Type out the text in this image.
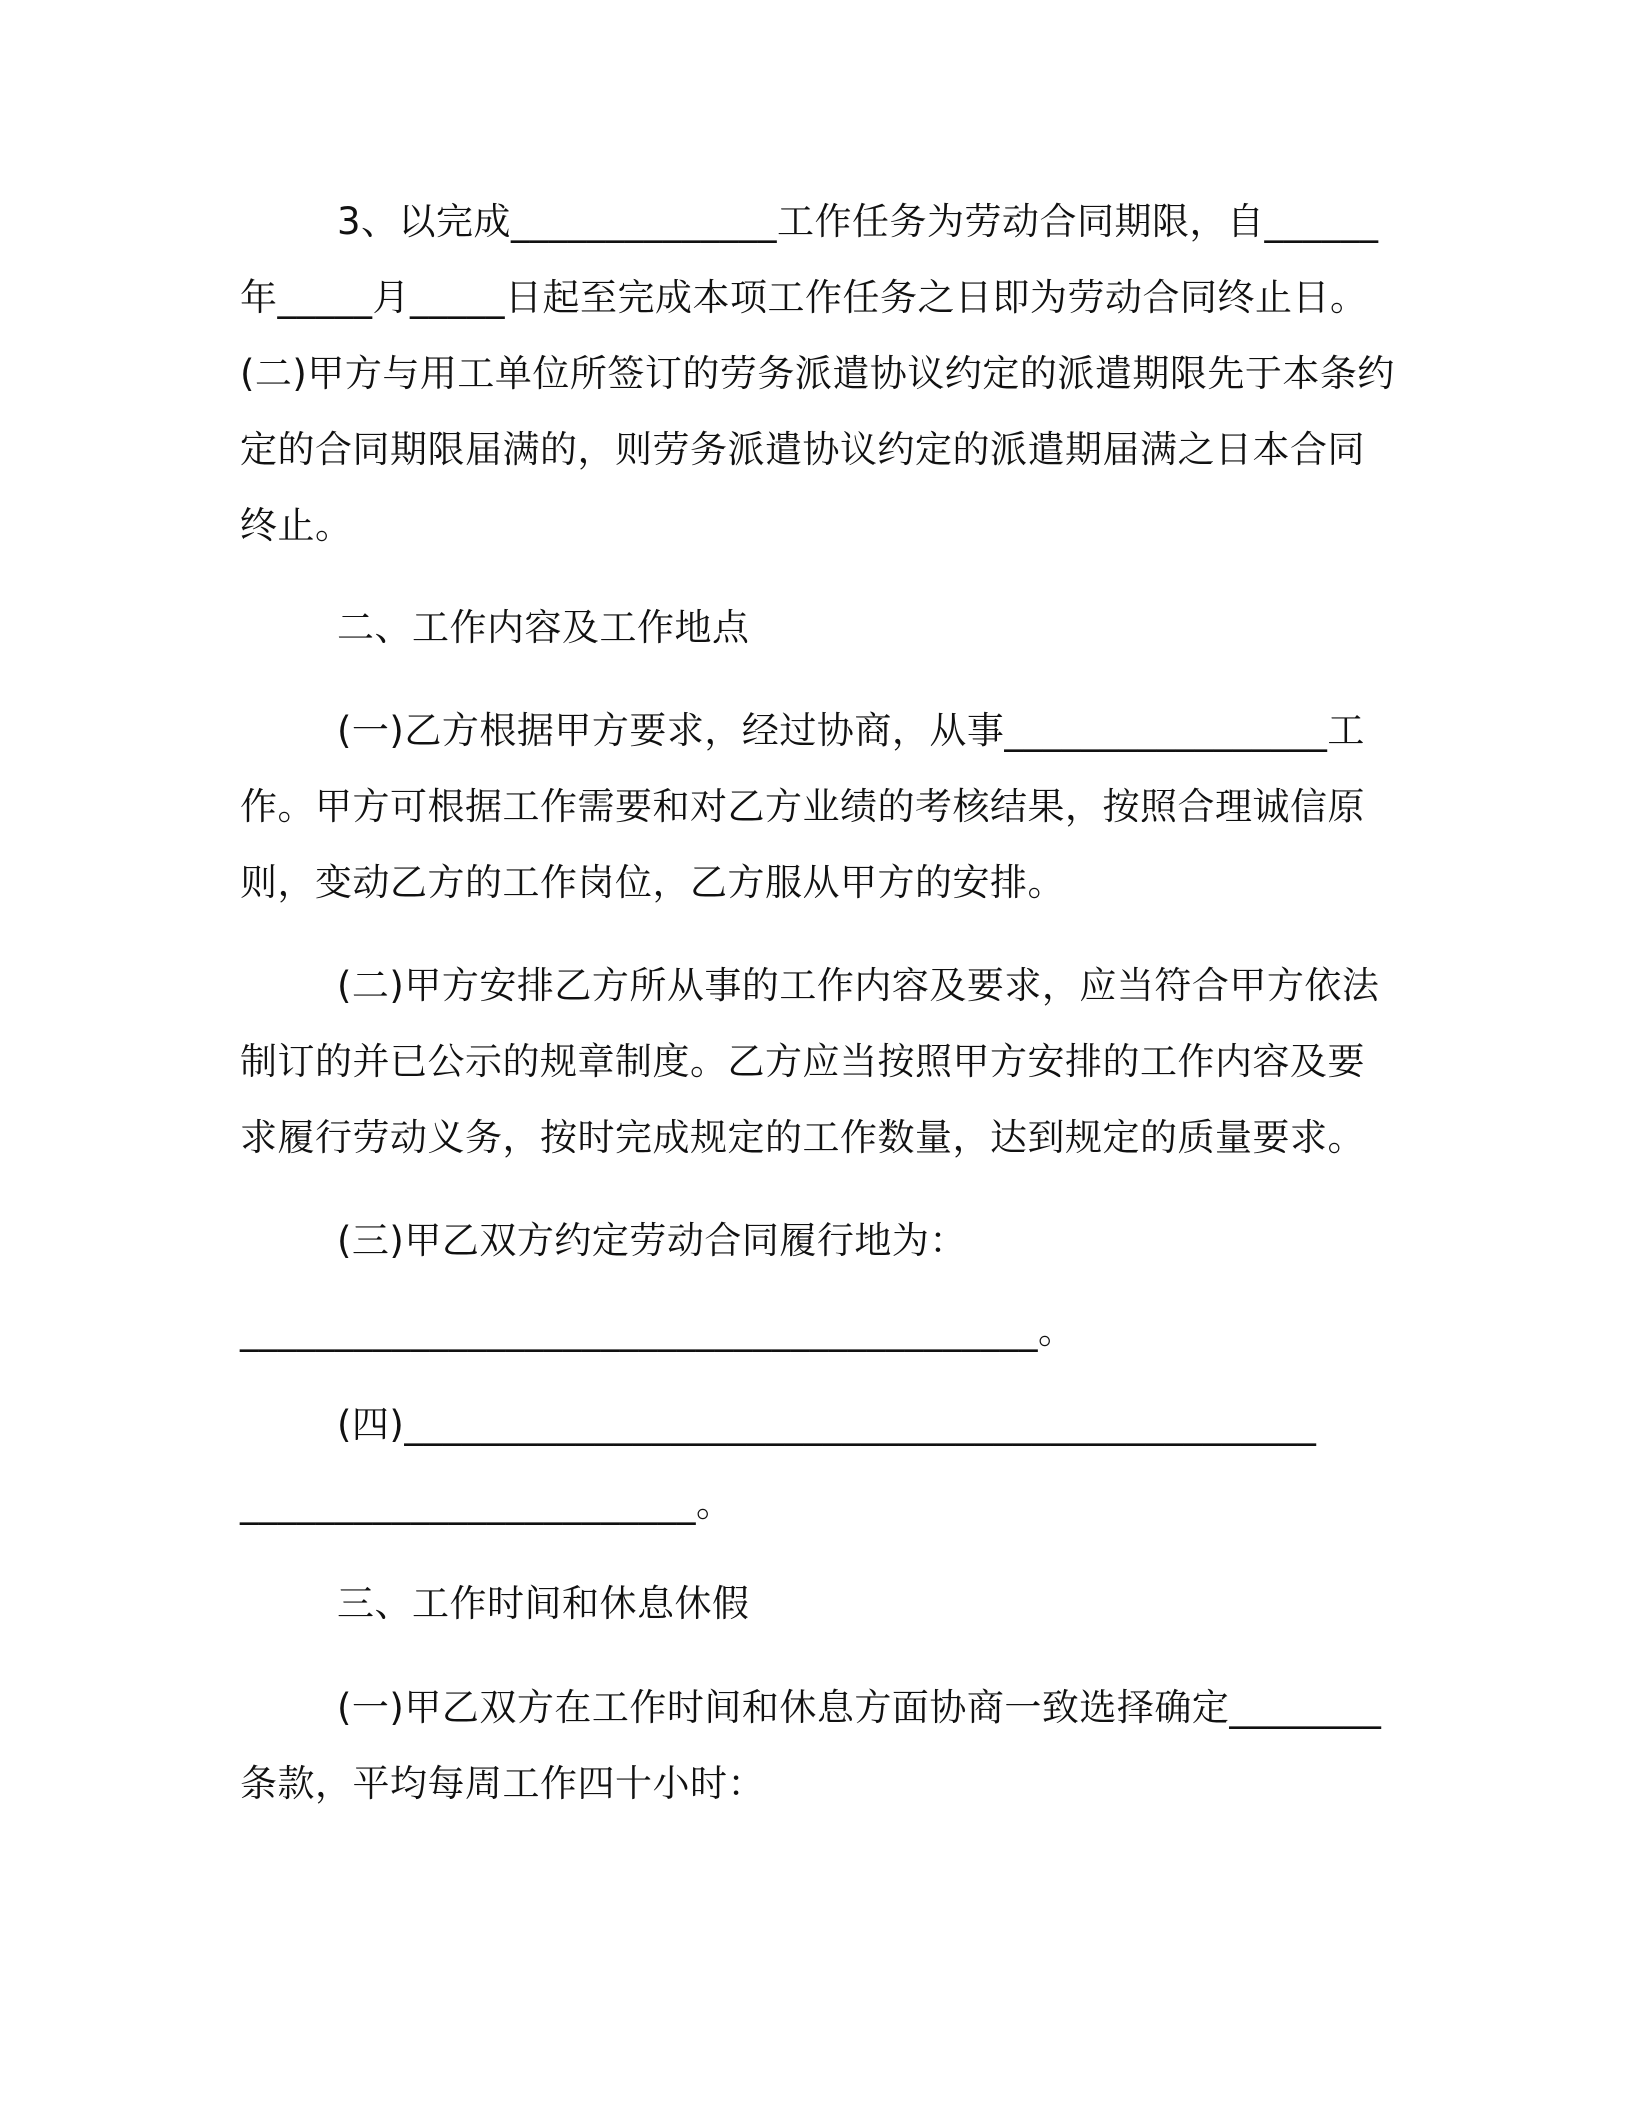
3、以完成______________工作任务为劳动合同期限，自______
年_____月_____日起至完成本项工作任务之日即为劳动合同终止日。
(二)甲方与用工单位所签订的劳务派遣协议约定的派遣期限先于本条约
定的合同期限届满的，则劳务派遣协议约定的派遣期届满之日本合同
终止。
二、工作内容及工作地点
(一)乙方根据甲方要求，经过协商，从事_________________工
作。甲方可根据工作需要和对乙方业绩的考核结果，按照合理诚信原
则，变动乙方的工作岗位，乙方服从甲方的安排。
(二)甲方安排乙方所从事的工作内容及要求，应当符合甲方依法
制订的并已公示的规章制度。乙方应当按照甲方安排的工作内容及要
求履行劳动义务，按时完成规定的工作数量，达到规定的质量要求。
(三)甲乙双方约定劳动合同履行地为：
__________________________________________。
(四)________________________________________________
________________________。
三、工作时间和休息休假
(一)甲乙双方在工作时间和休息方面协商一致选择确定________
条款，平均每周工作四十小时：
